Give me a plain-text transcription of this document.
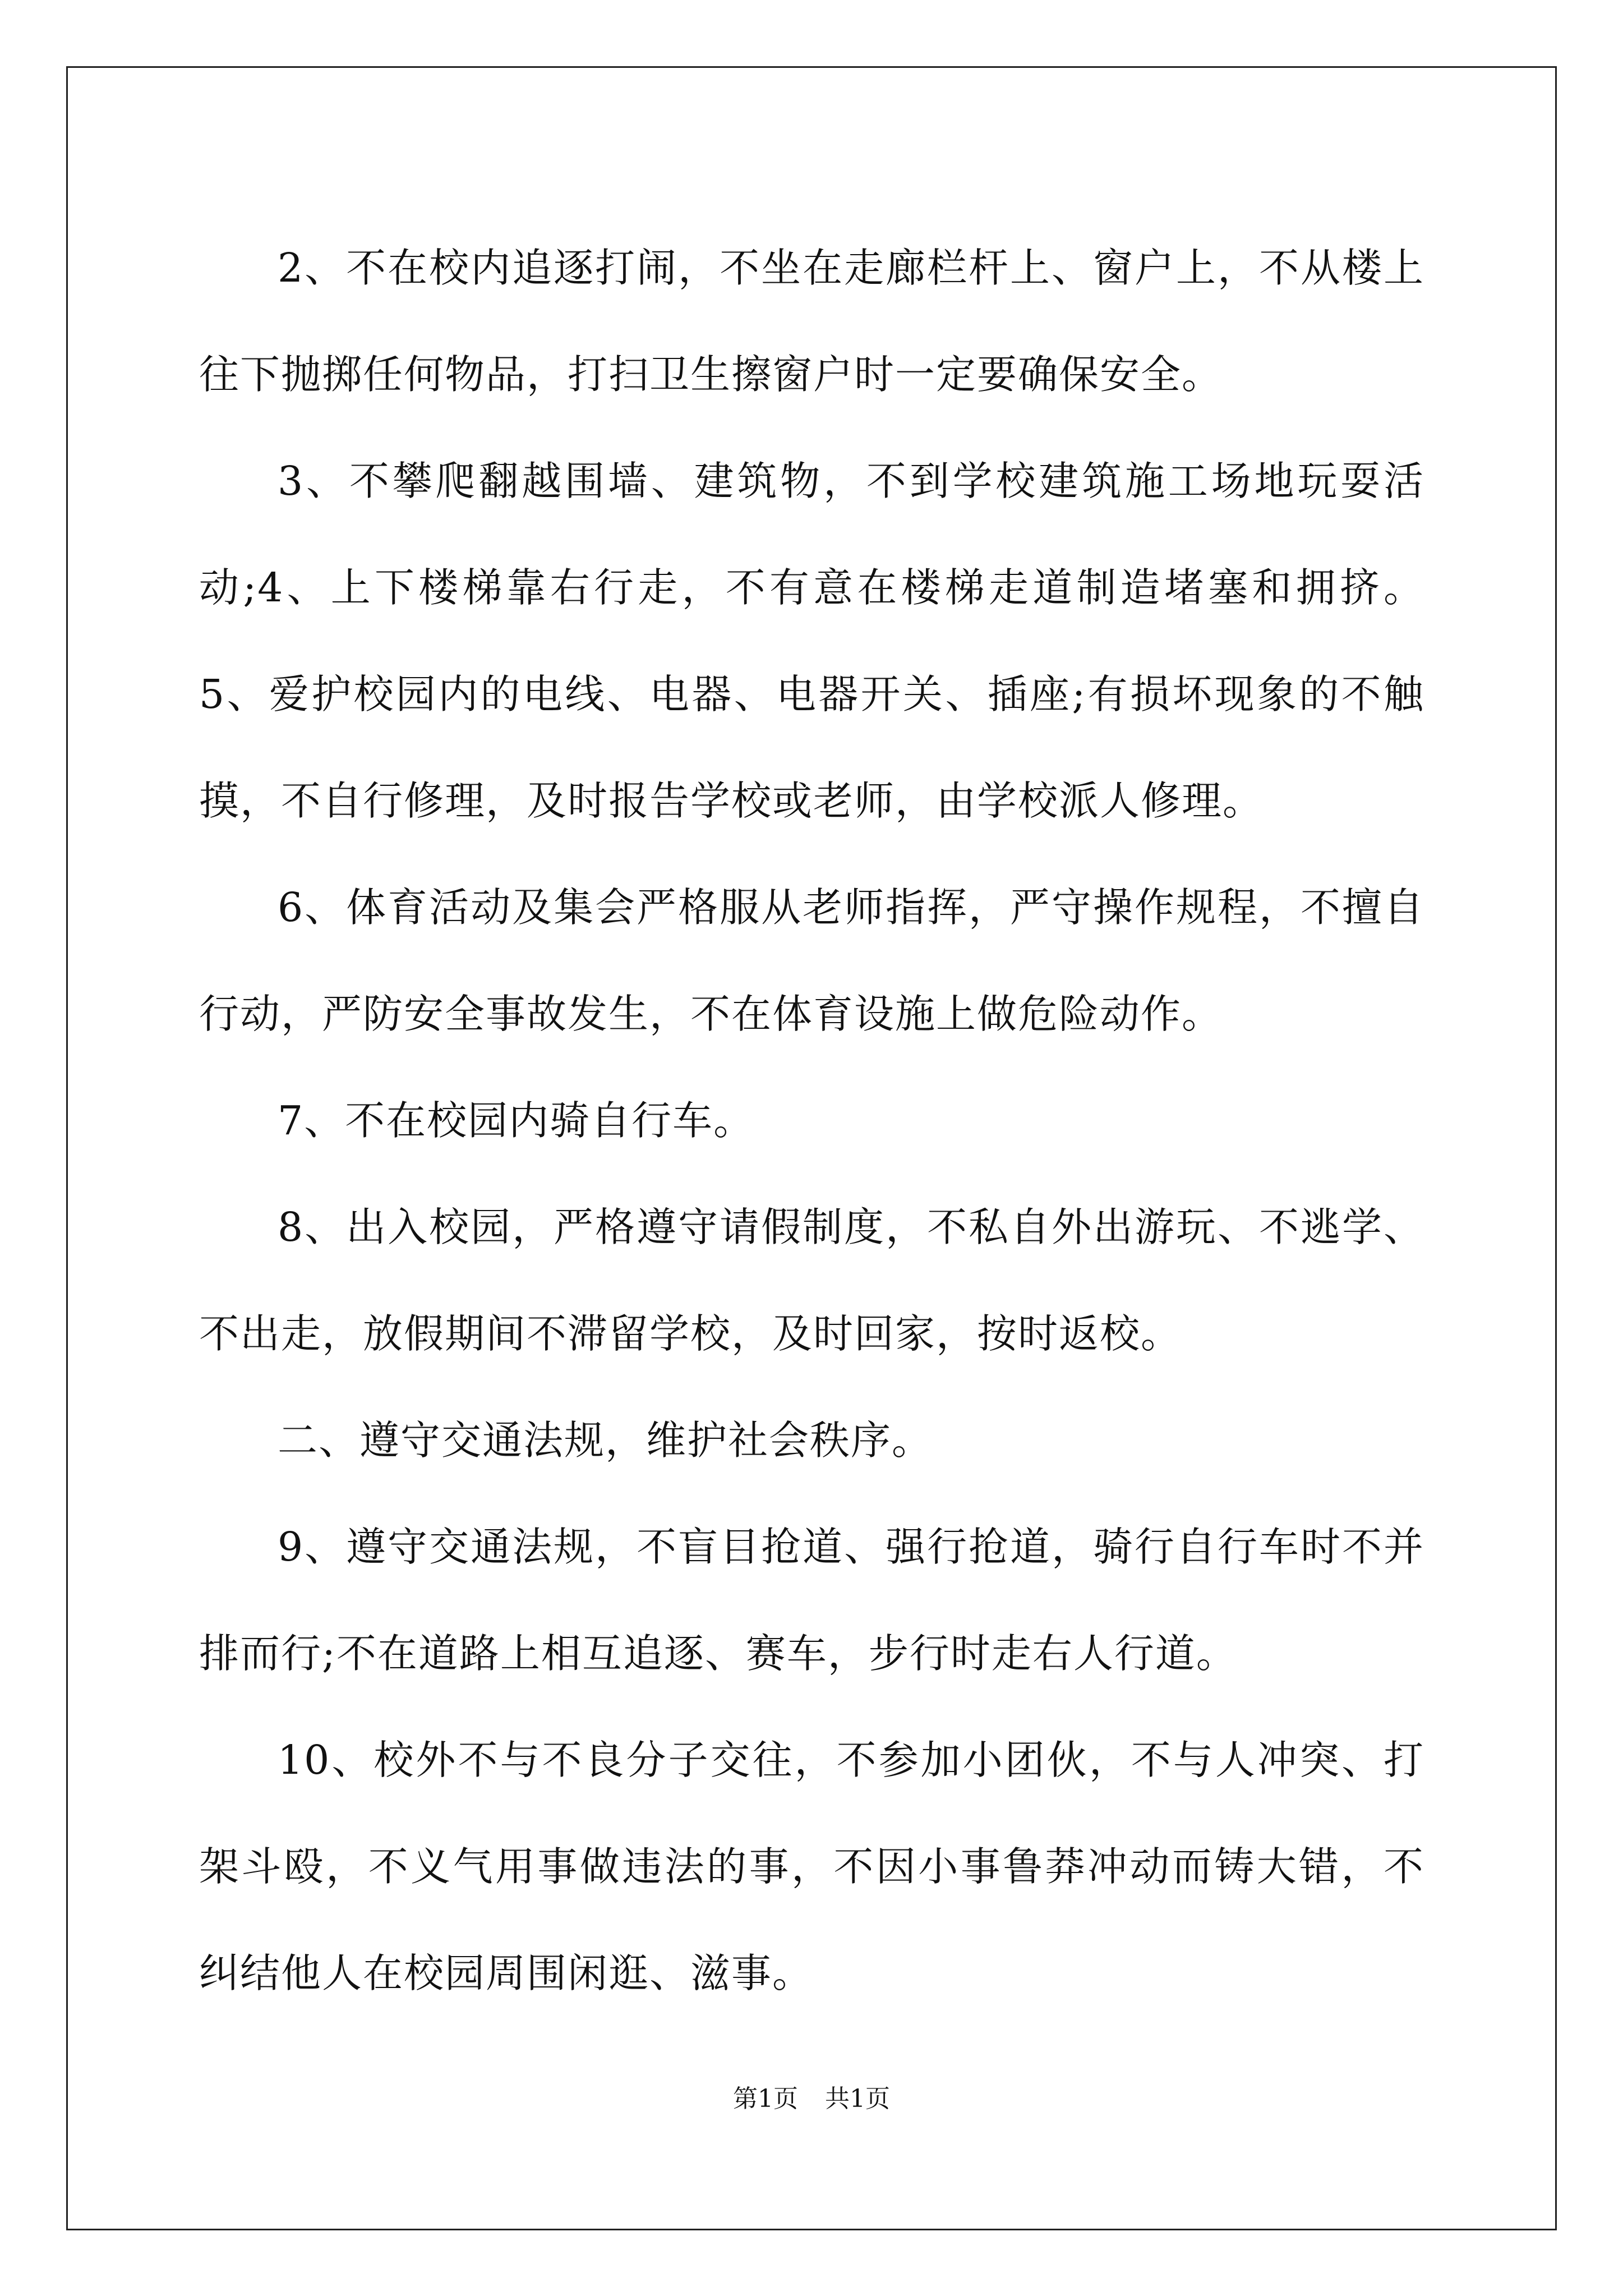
2、不在校内追逐打闹，不坐在走廊栏杆上、窗户上，不从楼上往下抛掷任何物品，打扫卫生擦窗户时一定要确保安全。

3、不攀爬翻越围墙、建筑物，不到学校建筑施工场地玩耍活动;4、上下楼梯靠右行走，不有意在楼梯走道制造堵塞和拥挤。 5、爱护校园内的电线、电器、电器开关、插座;有损坏现象的不触摸，不自行修理，及时报告学校或老师，由学校派人修理。

6、体育活动及集会严格服从老师指挥，严守操作规程，不擅自行动，严防安全事故发生，不在体育设施上做危险动作。

7、不在校园内骑自行车。

8、出入校园，严格遵守请假制度，不私自外出游玩、不逃学、不出走，放假期间不滞留学校，及时回家，按时返校。

二、遵守交通法规，维护社会秩序。

9、遵守交通法规，不盲目抢道、强行抢道，骑行自行车时不并排而行;不在道路上相互追逐、赛车，步行时走右人行道。

10、校外不与不良分子交往，不参加小团伙，不与人冲突、打架斗殴，不义气用事做违法的事，不因小事鲁莽冲动而铸大错，不纠结他人在校园周围闲逛、滋事。

第1页 共1页
